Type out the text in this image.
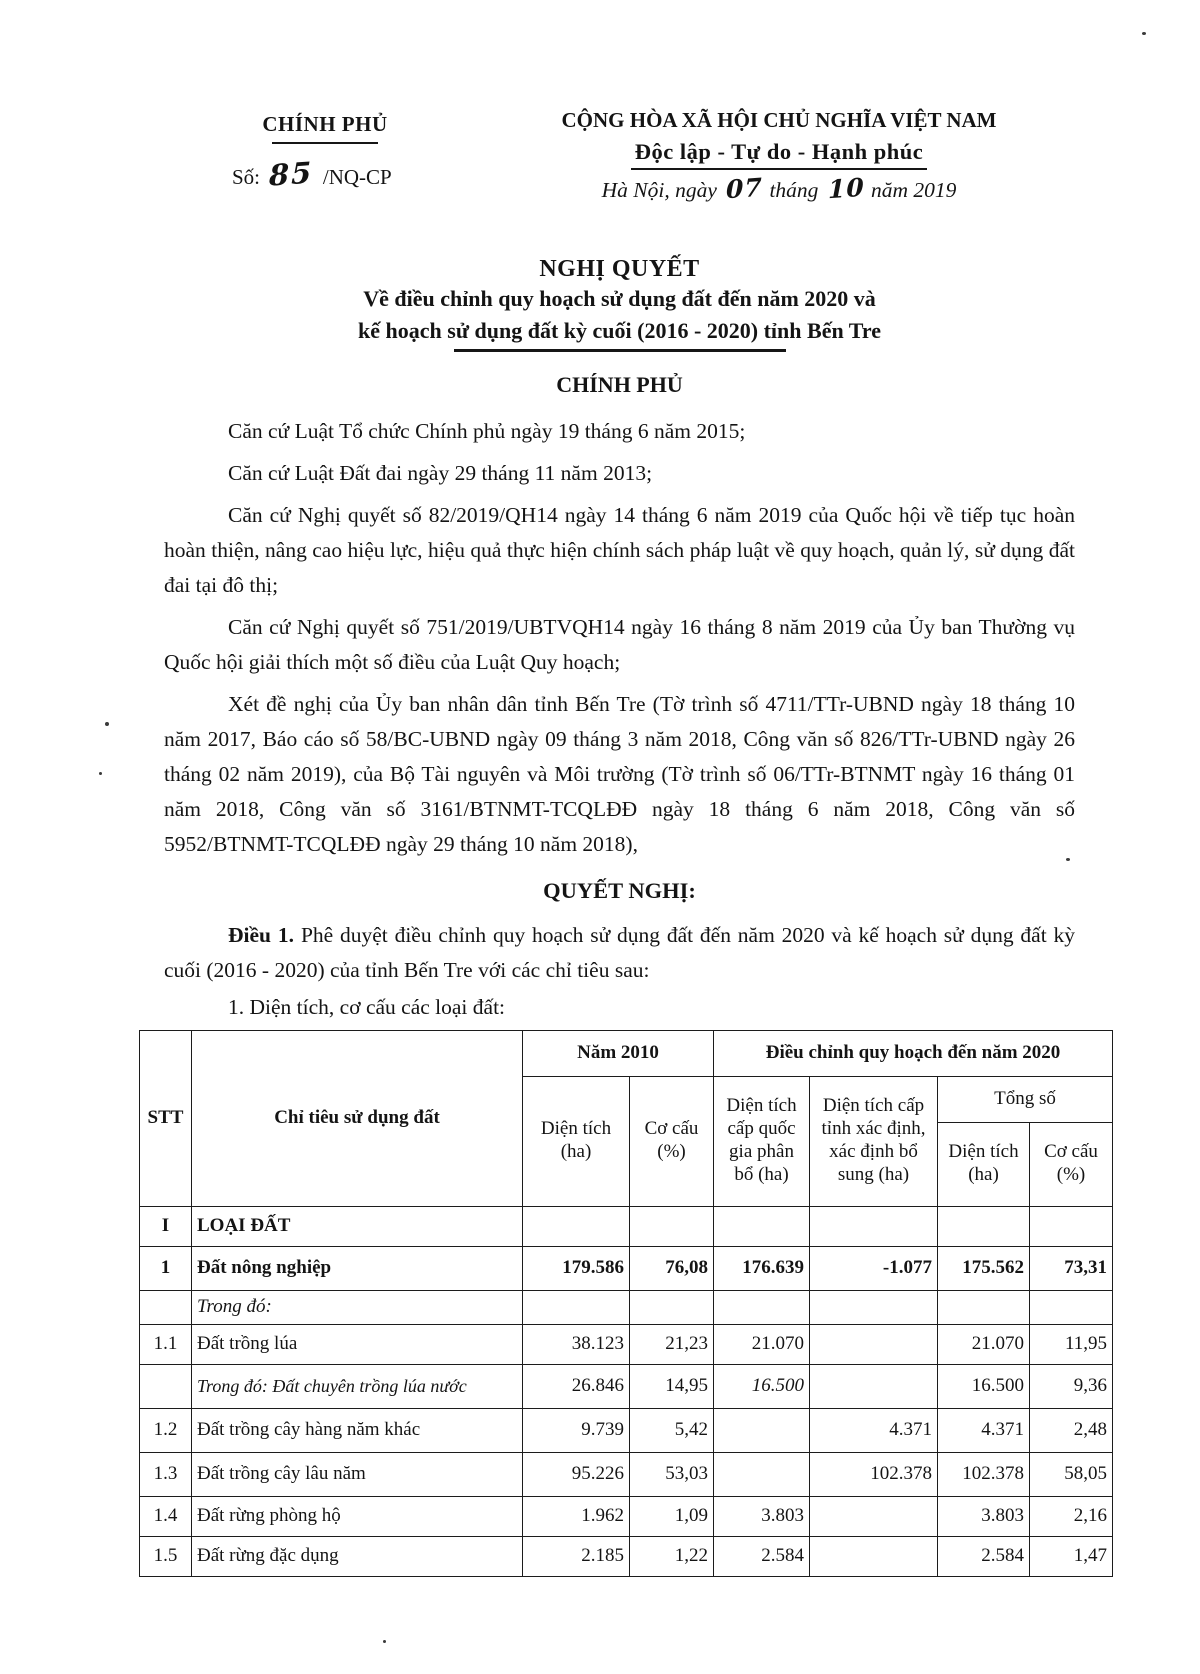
CHÍNH PHỦ
Số: 85 /NQ-CP
CỘNG HÒA XÃ HỘI CHỦ NGHĨA VIỆT NAM
Độc lập - Tự do - Hạnh phúc
Hà Nội, ngày 07 tháng 10 năm 2019
NGHỊ QUYẾT
Về điều chỉnh quy hoạch sử dụng đất đến năm 2020 và
kế hoạch sử dụng đất kỳ cuối (2016 - 2020) tỉnh Bến Tre
CHÍNH PHỦ

Căn cứ Luật Tổ chức Chính phủ ngày 19 tháng 6 năm 2015;

Căn cứ Luật Đất đai ngày 29 tháng 11 năm 2013;

Căn cứ Nghị quyết số 82/2019/QH14 ngày 14 tháng 6 năm 2019 của Quốc hội về tiếp tục hoàn hoàn thiện, nâng cao hiệu lực, hiệu quả thực hiện chính sách pháp luật về quy hoạch, quản lý, sử dụng đất đai tại đô thị;

Căn cứ Nghị quyết số 751/2019/UBTVQH14 ngày 16 tháng 8 năm 2019 của Ủy ban Thường vụ Quốc hội giải thích một số điều của Luật Quy hoạch;

Xét đề nghị của Ủy ban nhân dân tỉnh Bến Tre (Tờ trình số 4711/TTr-UBND ngày 18 tháng 10 năm 2017, Báo cáo số 58/BC-UBND ngày 09 tháng 3 năm 2018, Công văn số 826/TTr-UBND ngày 26 tháng 02 năm 2019), của Bộ Tài nguyên và Môi trường (Tờ trình số 06/TTr-BTNMT ngày 16 tháng 01 năm 2018, Công văn số 3161/BTNMT-TCQLĐĐ ngày 18 tháng 6 năm 2018, Công văn số 5952/BTNMT-TCQLĐĐ ngày 29 tháng 10 năm 2018),

QUYẾT NGHỊ:

Điều 1. Phê duyệt điều chỉnh quy hoạch sử dụng đất đến năm 2020 và kế hoạch sử dụng đất kỳ cuối (2016 - 2020) của tỉnh Bến Tre với các chỉ tiêu sau:

1. Diện tích, cơ cấu các loại đất:
STT	Chỉ tiêu sử dụng đất	Năm 2010		Điều chỉnh quy hoạch đến năm 2020			
		Diện tích (ha)	Cơ cấu (%)	Diện tích cấp quốc gia phân bổ (ha)	Diện tích cấp tỉnh xác định, xác định bổ sung (ha)	Tổng số	
						Diện tích (ha)	Cơ cấu (%)
I	LOẠI ĐẤT						
1	Đất nông nghiệp	179.586	76,08	176.639	-1.077	175.562	73,31
	Trong đó:						
1.1	Đất trồng lúa	38.123	21,23	21.070		21.070	11,95
	Trong đó: Đất chuyên trồng lúa nước	26.846	14,95	16.500		16.500	9,36
1.2	Đất trồng cây hàng năm khác	9.739	5,42		4.371	4.371	2,48
1.3	Đất trồng cây lâu năm	95.226	53,03		102.378	102.378	58,05
1.4	Đất rừng phòng hộ	1.962	1,09	3.803		3.803	2,16
1.5	Đất rừng đặc dụng	2.185	1,22	2.584		2.584	1,47
